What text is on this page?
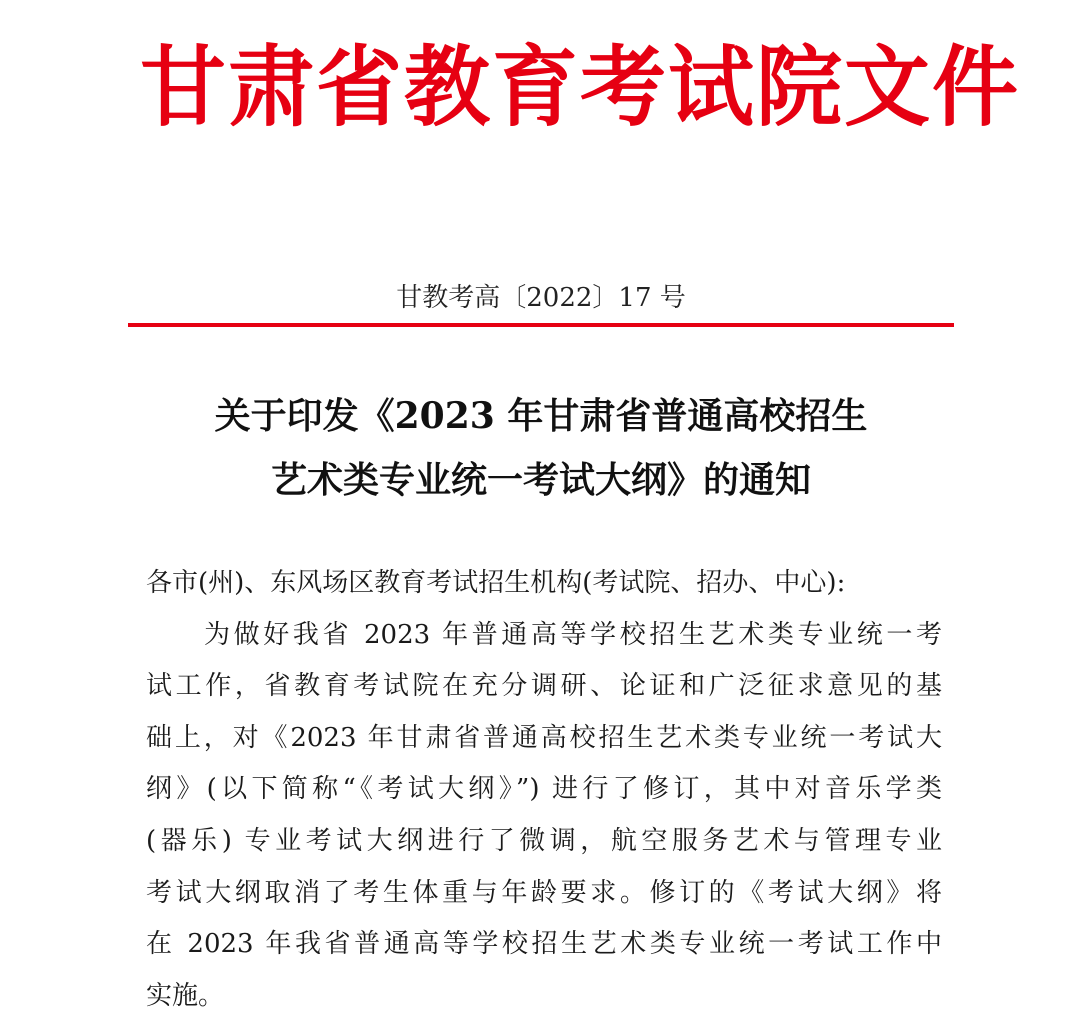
甘肃省教育考试院文件
甘教考高〔2022〕17 号
关于印发《2023 年甘肃省普通高校招生
艺术类专业统一考试大纲》的通知
各市(州)、东风场区教育考试招生机构(考试院、招办、中心):
为做好我省 2023 年普通高等学校招生艺术类专业统一考
试工作，省教育考试院在充分调研、论证和广泛征求意见的基
础上，对《2023 年甘肃省普通高校招生艺术类专业统一考试大
纲》(以下简称“《考试大纲》”) 进行了修订，其中对音乐学类
(器乐) 专业考试大纲进行了微调，航空服务艺术与管理专业
考试大纲取消了考生体重与年龄要求。修订的《考试大纲》将
在 2023 年我省普通高等学校招生艺术类专业统一考试工作中
实施。
